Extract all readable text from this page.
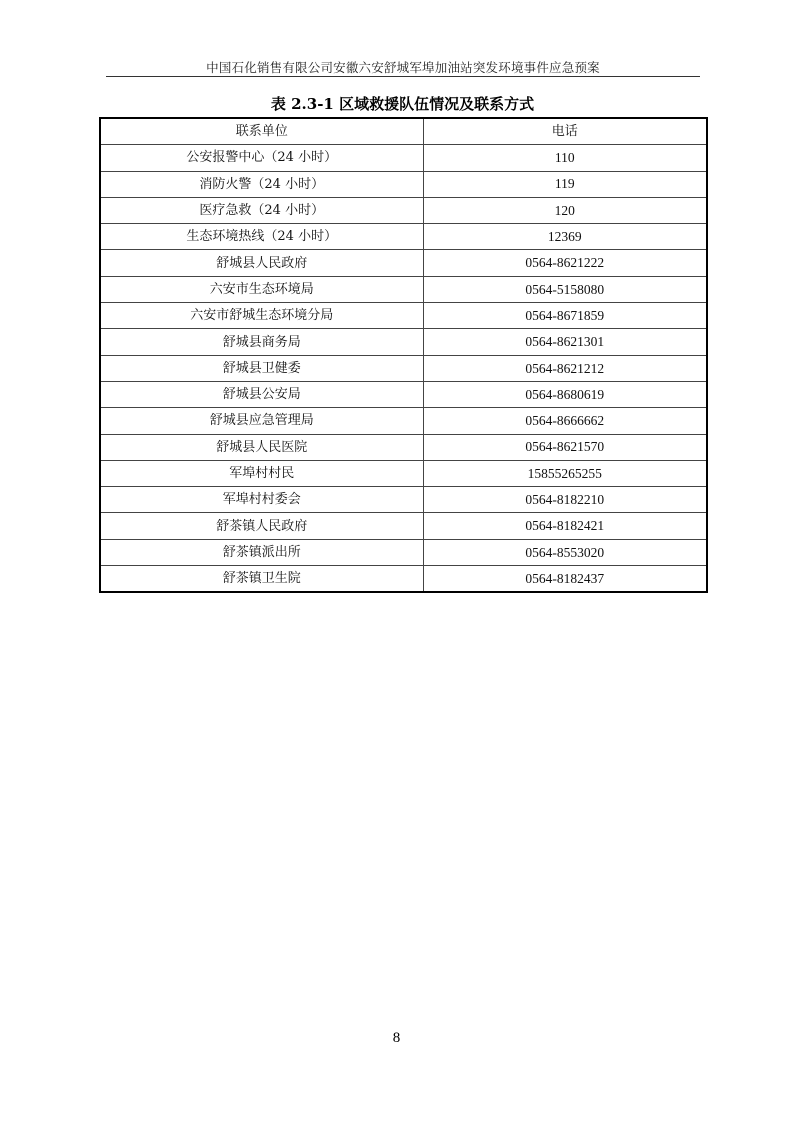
中国石化销售有限公司安徽六安舒城军埠加油站突发环境事件应急预案
表 2.3-1 区域救援队伍情况及联系方式
联系单位	电话
公安报警中心（24 小时）	110
消防火警（24 小时）	119
医疗急救（24 小时）	120
生态环境热线（24 小时）	12369
舒城县人民政府	0564-8621222
六安市生态环境局	0564-5158080
六安市舒城生态环境分局	0564-8671859
舒城县商务局	0564-8621301
舒城县卫健委	0564-8621212
舒城县公安局	0564-8680619
舒城县应急管理局	0564-8666662
舒城县人民医院	0564-8621570
军埠村村民	15855265255
军埠村村委会	0564-8182210
舒茶镇人民政府	0564-8182421
舒茶镇派出所	0564-8553020
舒茶镇卫生院	0564-8182437
8
